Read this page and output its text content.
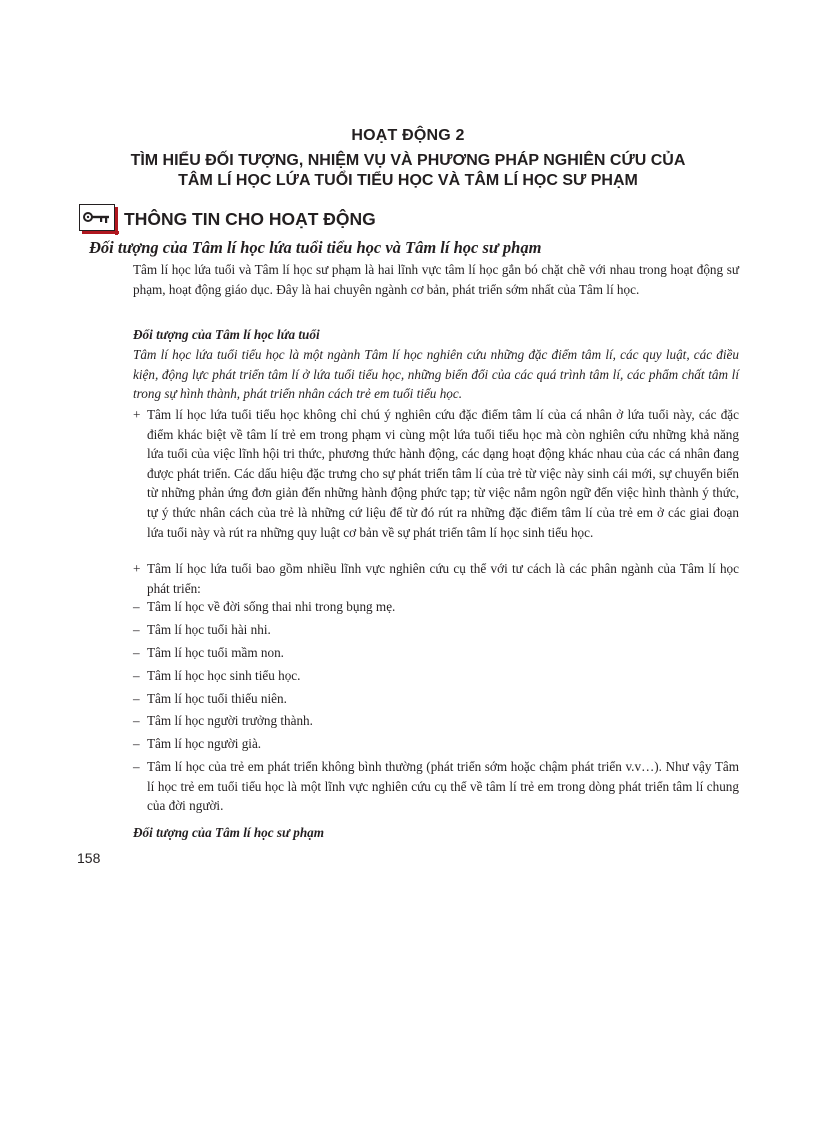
HOẠT ĐỘNG 2
TÌM HIỂU ĐỐI TƯỢNG, NHIỆM VỤ VÀ PHƯƠNG PHÁP NGHIÊN CỨU CỦA
TÂM LÍ HỌC LỨA TUỔI TIỂU HỌC VÀ TÂM LÍ HỌC SƯ PHẠM
THÔNG TIN CHO HOẠT ĐỘNG
Đối tượng của Tâm lí học lứa tuổi tiểu học và Tâm lí học sư phạm

Tâm lí học lứa tuổi và Tâm lí học sư phạm là hai lĩnh vực tâm lí học gắn bó chặt chẽ với nhau trong hoạt động sư phạm, hoạt động giáo dục. Đây là hai chuyên ngành cơ bản, phát triển sớm nhất của Tâm lí học.

Đối tượng của Tâm lí học lứa tuổi

Tâm lí học lứa tuổi tiểu học là một ngành Tâm lí học nghiên cứu những đặc điểm tâm lí, các quy luật, các điều kiện, động lực phát triển tâm lí ở lứa tuổi tiểu học, những biến đổi của các quá trình tâm lí, các phẩm chất tâm lí trong sự hình thành, phát triển nhân cách trẻ em tuổi tiểu học.

+ Tâm lí học lứa tuổi tiểu học không chỉ chú ý nghiên cứu đặc điểm tâm lí của cá nhân ở lứa tuổi này, các đặc điểm khác biệt về tâm lí trẻ em trong phạm vi cùng một lứa tuổi tiểu học mà còn nghiên cứu những khả năng lứa tuổi của việc lĩnh hội tri thức, phương thức hành động, các dạng hoạt động khác nhau của các cá nhân đang được phát triển. Các dấu hiệu đặc trưng cho sự phát triển tâm lí của trẻ từ việc này sinh cái mới, sự chuyển biến từ những phản ứng đơn giản đến những hành động phức tạp; từ việc nắm ngôn ngữ đến việc hình thành ý thức, tự ý thức nhân cách của trẻ là những cứ liệu để từ đó rút ra những đặc điểm tâm lí của trẻ em ở các giai đoạn lứa tuổi này và rút ra những quy luật cơ bản về sự phát triển tâm lí học sinh tiểu học.
+ Tâm lí học lứa tuổi bao gồm nhiều lĩnh vực nghiên cứu cụ thể với tư cách là các phân ngành của Tâm lí học phát triển:
– Tâm lí học về đời sống thai nhi trong bụng mẹ.
– Tâm lí học tuổi hài nhi.
– Tâm lí học tuổi mầm non.
– Tâm lí học học sinh tiểu học.
– Tâm lí học tuổi thiếu niên.
– Tâm lí học người trưởng thành.
– Tâm lí học người già.
– Tâm lí học của trẻ em phát triển không bình thường (phát triển sớm hoặc chậm phát triển v.v…). Như vậy Tâm lí học trẻ em tuổi tiểu học là một lĩnh vực nghiên cứu cụ thể về tâm lí trẻ em trong dòng phát triển tâm lí chung của đời người.
Đối tượng của Tâm lí học sư phạm
158
